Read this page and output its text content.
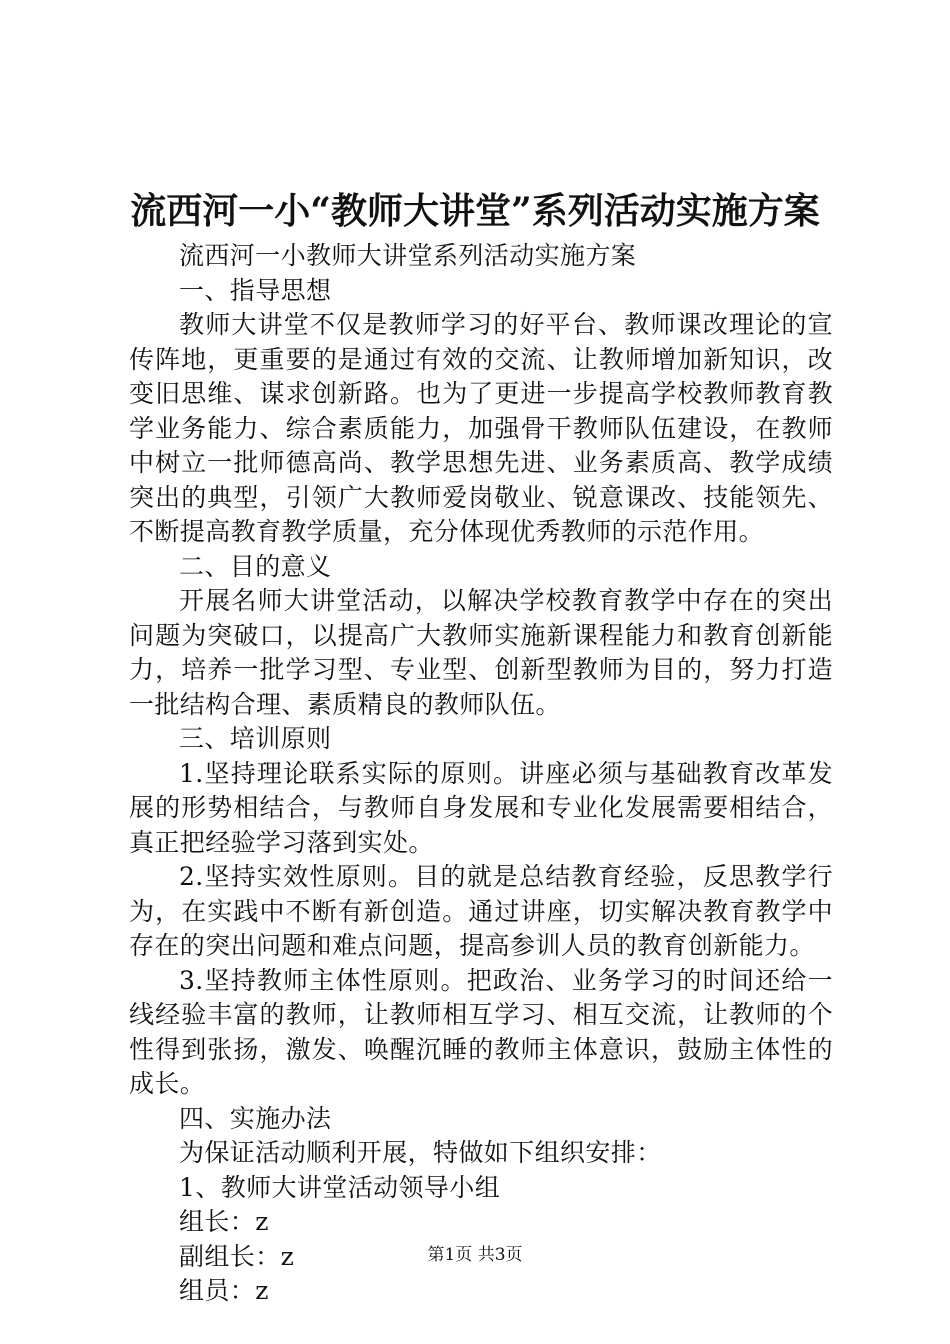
流西河一小“教师大讲堂”系列活动实施方案

流西河一小教师大讲堂系列活动实施方案

一、指导思想

教师大讲堂不仅是教师学习的好平台、教师课改理论的宣传阵地，更重要的是通过有效的交流、让教师增加新知识，改变旧思维、谋求创新路。也为了更进一步提高学校教师教育教学业务能力、综合素质能力，加强骨干教师队伍建设，在教师中树立一批师德高尚、教学思想先进、业务素质高、教学成绩突出的典型，引领广大教师爱岗敬业、锐意课改、技能领先、不断提高教育教学质量，充分体现优秀教师的示范作用。

二、目的意义

开展名师大讲堂活动，以解决学校教育教学中存在的突出问题为突破口，以提高广大教师实施新课程能力和教育创新能力，培养一批学习型、专业型、创新型教师为目的，努力打造一批结构合理、素质精良的教师队伍。

三、培训原则

1.坚持理论联系实际的原则。讲座必须与基础教育改革发展的形势相结合，与教师自身发展和专业化发展需要相结合，真正把经验学习落到实处。

2.坚持实效性原则。目的就是总结教育经验，反思教学行为，在实践中不断有新创造。通过讲座，切实解决教育教学中存在的突出问题和难点问题，提高参训人员的教育创新能力。

3.坚持教师主体性原则。把政治、业务学习的时间还给一线经验丰富的教师，让教师相互学习、相互交流，让教师的个性得到张扬，激发、唤醒沉睡的教师主体意识，鼓励主体性的成长。

四、实施办法

为保证活动顺利开展，特做如下组织安排：

1、教师大讲堂活动领导小组

组长：z

副组长：z

组员：z

第1页 共3页
